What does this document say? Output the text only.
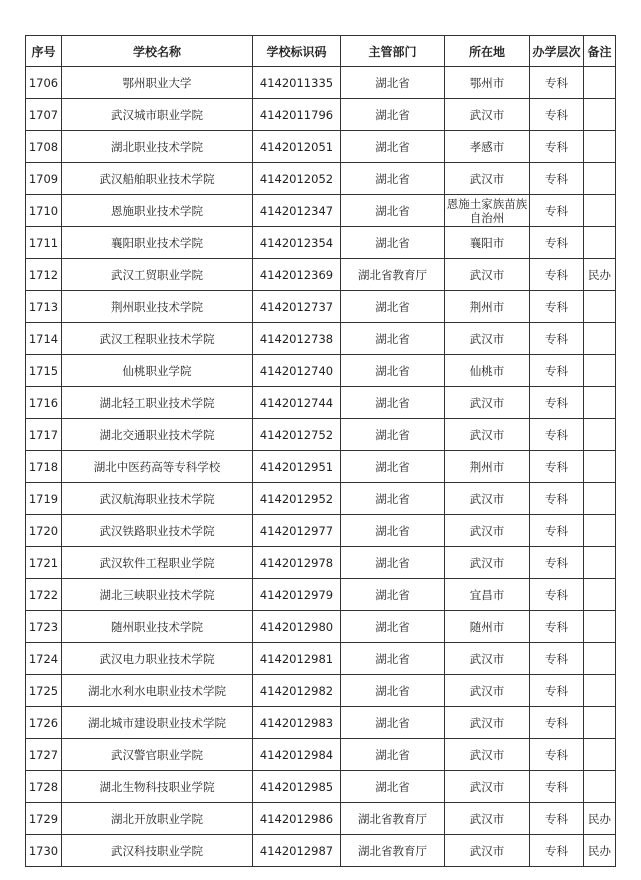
序号	学校名称	学校标识码	主管部门	所在地	办学层次	备注
1706	鄂州职业大学	4142011335	湖北省	鄂州市	专科	
1707	武汉城市职业学院	4142011796	湖北省	武汉市	专科	
1708	湖北职业技术学院	4142012051	湖北省	孝感市	专科	
1709	武汉船舶职业技术学院	4142012052	湖北省	武汉市	专科	
1710	恩施职业技术学院	4142012347	湖北省	恩施土家族苗族自治州	专科	
1711	襄阳职业技术学院	4142012354	湖北省	襄阳市	专科	
1712	武汉工贸职业学院	4142012369	湖北省教育厅	武汉市	专科	民办
1713	荆州职业技术学院	4142012737	湖北省	荆州市	专科	
1714	武汉工程职业技术学院	4142012738	湖北省	武汉市	专科	
1715	仙桃职业学院	4142012740	湖北省	仙桃市	专科	
1716	湖北轻工职业技术学院	4142012744	湖北省	武汉市	专科	
1717	湖北交通职业技术学院	4142012752	湖北省	武汉市	专科	
1718	湖北中医药高等专科学校	4142012951	湖北省	荆州市	专科	
1719	武汉航海职业技术学院	4142012952	湖北省	武汉市	专科	
1720	武汉铁路职业技术学院	4142012977	湖北省	武汉市	专科	
1721	武汉软件工程职业学院	4142012978	湖北省	武汉市	专科	
1722	湖北三峡职业技术学院	4142012979	湖北省	宜昌市	专科	
1723	随州职业技术学院	4142012980	湖北省	随州市	专科	
1724	武汉电力职业技术学院	4142012981	湖北省	武汉市	专科	
1725	湖北水利水电职业技术学院	4142012982	湖北省	武汉市	专科	
1726	湖北城市建设职业技术学院	4142012983	湖北省	武汉市	专科	
1727	武汉警官职业学院	4142012984	湖北省	武汉市	专科	
1728	湖北生物科技职业学院	4142012985	湖北省	武汉市	专科	
1729	湖北开放职业学院	4142012986	湖北省教育厅	武汉市	专科	民办
1730	武汉科技职业学院	4142012987	湖北省教育厅	武汉市	专科	民办
